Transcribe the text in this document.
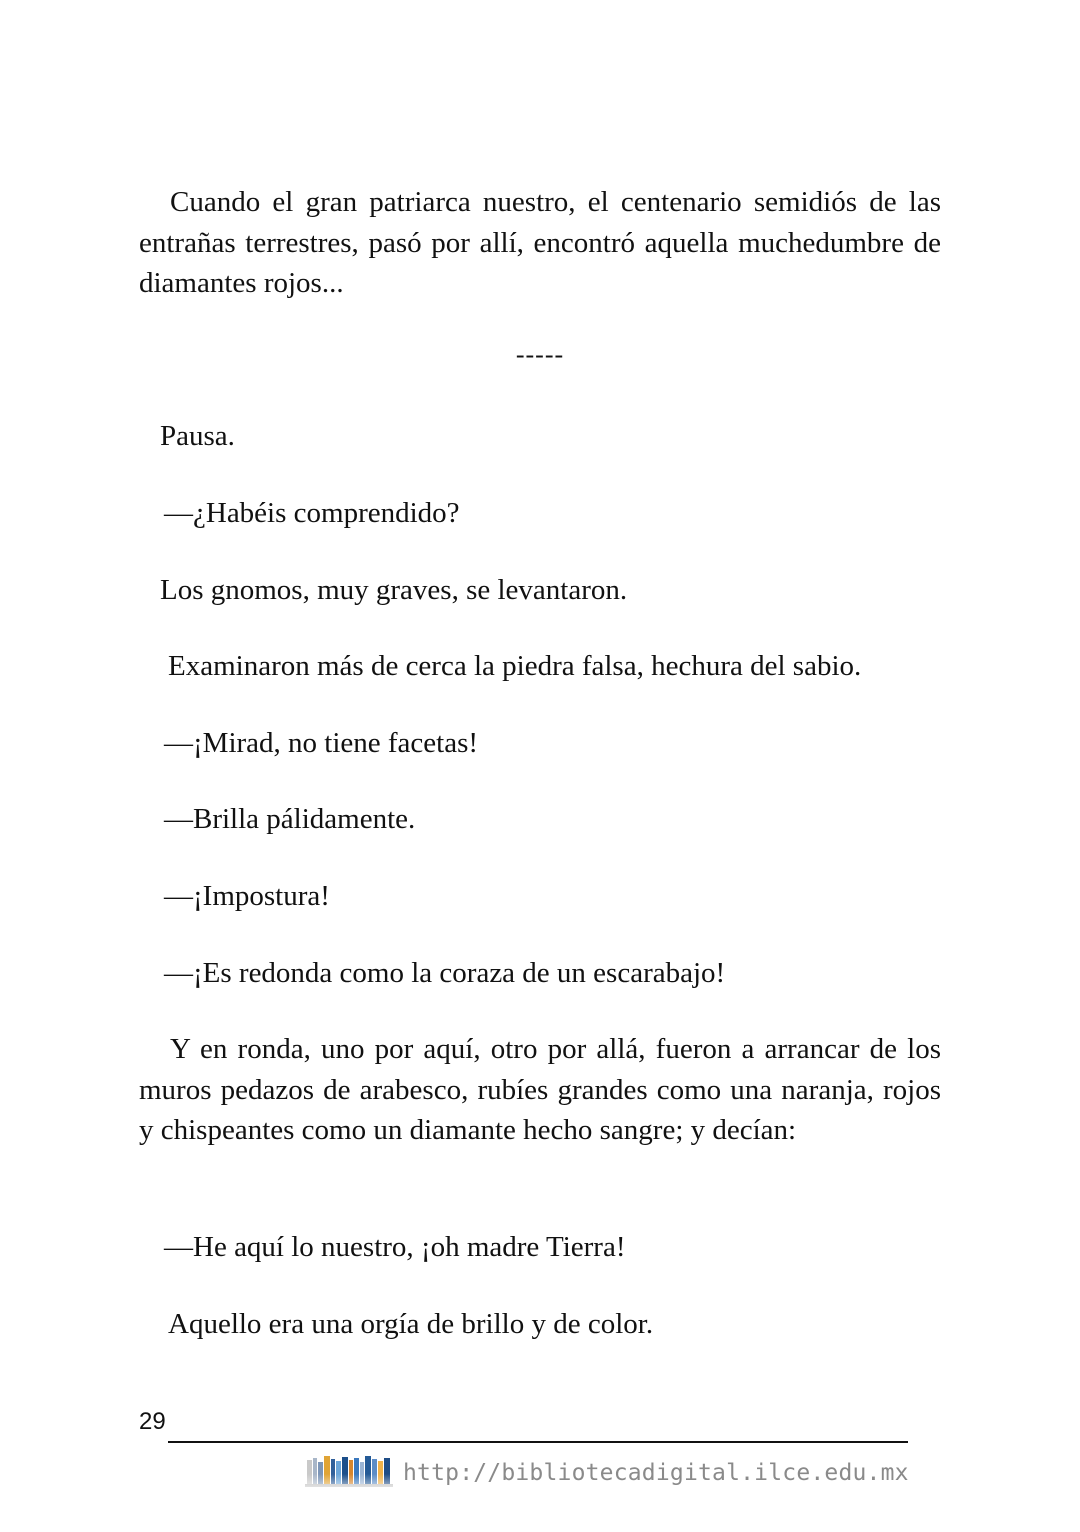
Cuando el gran patriarca nuestro, el centenario semidiós de las entrañas terrestres, pasó por allí, encontró aquella muchedumbre de diamantes rojos...

-----

Pausa.

—¿Habéis comprendido?

Los gnomos, muy graves, se levantaron.

Examinaron más de cerca la piedra falsa, hechura del sabio.

—¡Mirad, no tiene facetas!

—Brilla pálidamente.

—¡Impostura!

—¡Es redonda como la coraza de un escarabajo!

Y en ronda, uno por aquí, otro por allá, fueron a arrancar de los muros pedazos de arabesco, rubíes grandes como una naranja, rojos y chispeantes como un diamante hecho sangre; y decían:

—He aquí lo nuestro, ¡oh madre Tierra!

Aquello era una orgía de brillo y de color.

29
http://bibliotecadigital.ilce.edu.mx
